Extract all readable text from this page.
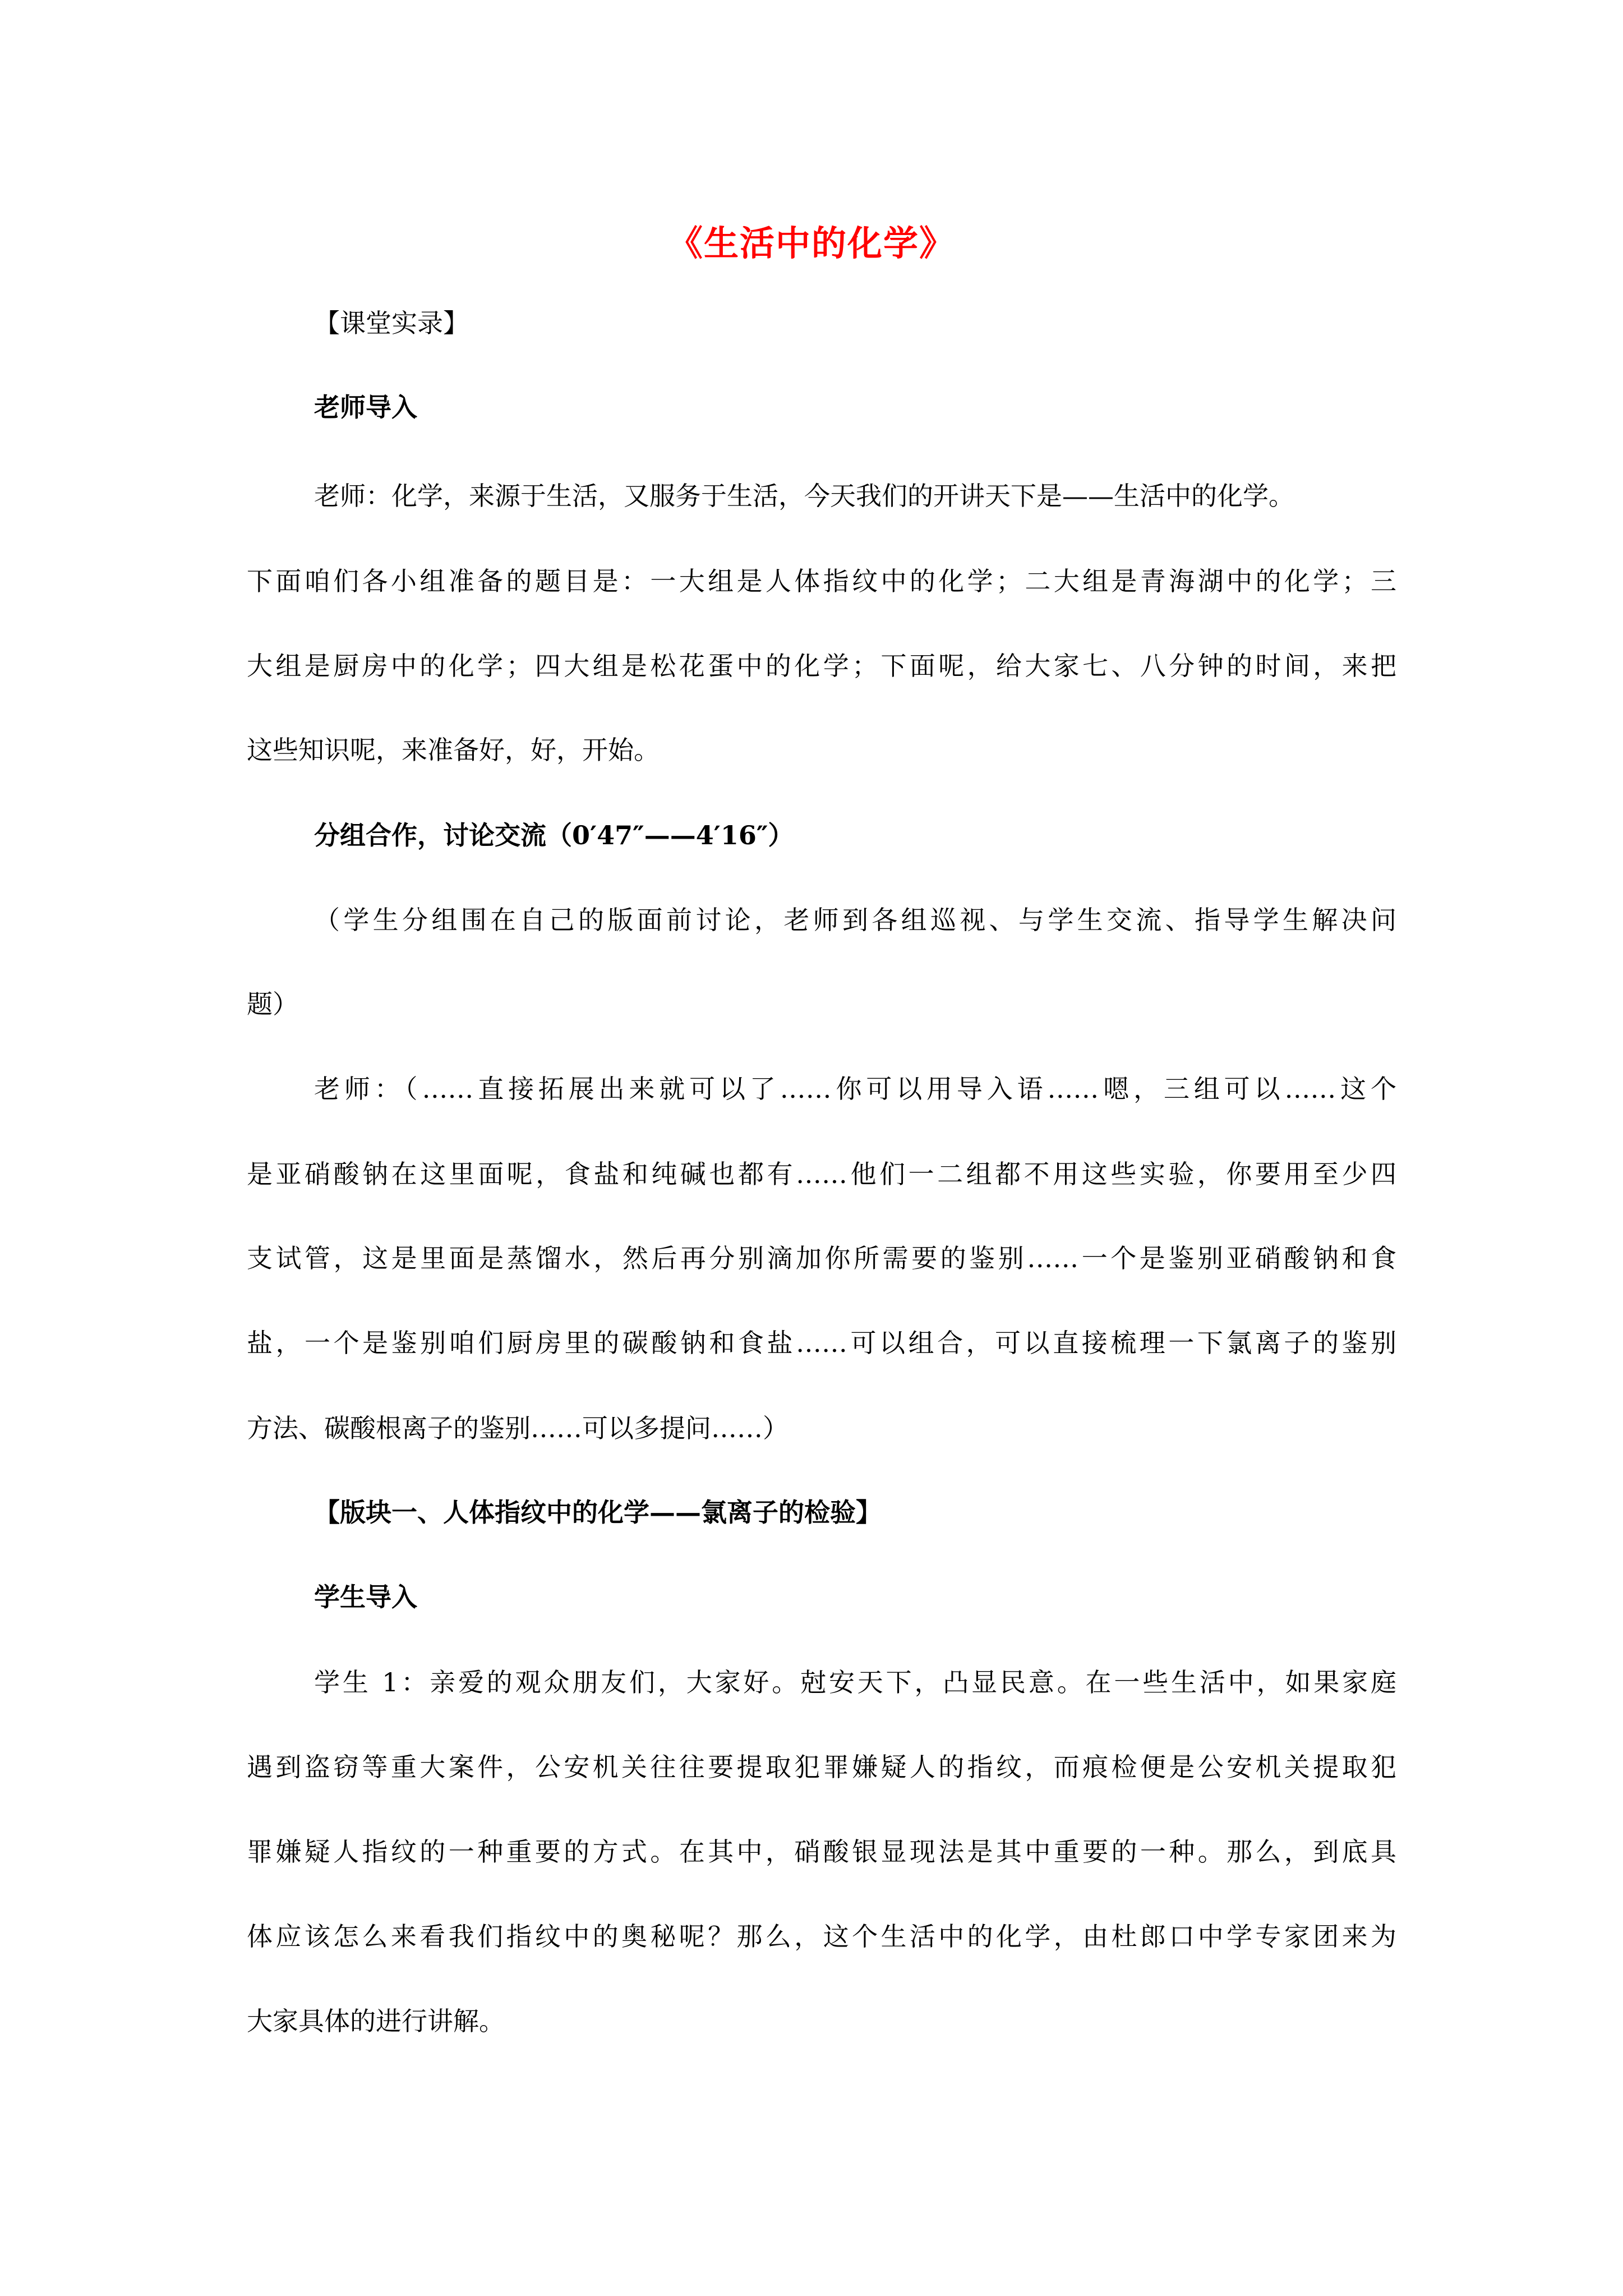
《生活中的化学》
【课堂实录】
老师导入
老师：化学，来源于生活，又服务于生活，今天我们的开讲天下是——生活中的化学。
下面咱们各小组准备的题目是：一大组是人体指纹中的化学；二大组是青海湖中的化学；三
大组是厨房中的化学；四大组是松花蛋中的化学；下面呢，给大家七、八分钟的时间，来把
这些知识呢，来准备好，好，开始。
分组合作，讨论交流（0′47″——4′16″）
（学生分组围在自己的版面前讨论，老师到各组巡视、与学生交流、指导学生解决问
题）
老师：（……直接拓展出来就可以了……你可以用导入语……嗯，三组可以……这个
是亚硝酸钠在这里面呢，食盐和纯碱也都有……他们一二组都不用这些实验，你要用至少四
支试管，这是里面是蒸馏水，然后再分别滴加你所需要的鉴别……一个是鉴别亚硝酸钠和食
盐，一个是鉴别咱们厨房里的碳酸钠和食盐……可以组合，可以直接梳理一下氯离子的鉴别
方法、碳酸根离子的鉴别……可以多提问……）
【版块一、人体指纹中的化学——氯离子的检验】
学生导入
学生 1：亲爱的观众朋友们，大家好。尅安天下，凸显民意。在一些生活中，如果家庭
遇到盗窃等重大案件，公安机关往往要提取犯罪嫌疑人的指纹，而痕检便是公安机关提取犯
罪嫌疑人指纹的一种重要的方式。在其中，硝酸银显现法是其中重要的一种。那么，到底具
体应该怎么来看我们指纹中的奥秘呢？那么，这个生活中的化学，由杜郎口中学专家团来为
大家具体的进行讲解。
